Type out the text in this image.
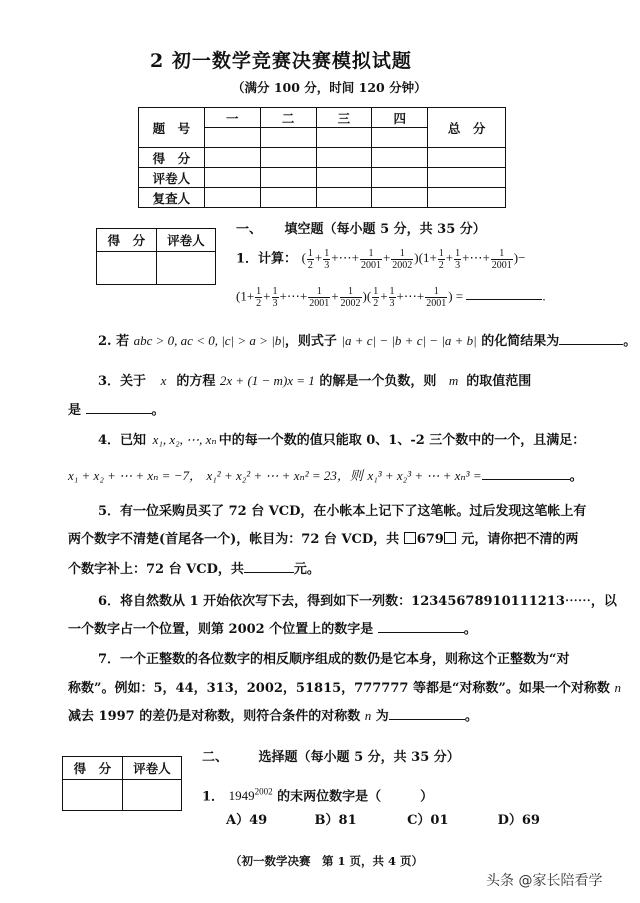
2 初一数学竞赛决赛模拟试题
（满分 100 分，时间 120 分钟）
题　号	一	二	三	四	总　分

得　分					
评卷人					
复查人					
得　分	评卷人

一、 填空题（每小题 5 分，共 35 分）
1．计算： ( $\frac{1}{2} + \frac{1}{3}$ +⋯+ $\frac{1}{2001} + \frac{1}{2002} )(1+ \frac{1}{2} + \frac{1}{3}$ +⋯+ $\frac{1}{2001}$ )−
($1+ \frac{1}{2} + \frac{1}{3}$ +⋯+ $\frac{1}{2001} + \frac{1}{2002}$ )( $\frac{1}{2} + \frac{1}{3}$ +⋯+ $\frac{1}{2001}$ ) =	.
2. 若 abc > 0, ac < 0, |c| > a > |b|，则式子 |a + c| − |b + c| − |a + b| 的化简结果为	。
3．关于 x 的方程 2x + (1 − m)x = 1 的解是一个负数，则 m 的取值范围
是	。
4．已知 x₁, x₂, ⋯, xₙ 中的每一个数的值只能取 0、1、-2 三个数中的一个，且满足：
x₁ + x₂ + ⋯ + xₙ = −7， x₁² + x₂² + ⋯ + xₙ² = 23，则 x₁³ + x₂³ + ⋯ + xₙ³ =	。
5．有一位采购员买了 72 台 VCD，在小帐本上记下了这笔帐。过后发现这笔帐上有
两个数字不清楚(首尾各一个)，帐目为：72 台 VCD，共 679 元，请你把不清的两
个数字补上：72 台 VCD，共	元。
6．将自然数从 1 开始依次写下去，得到如下一列数：12345678910111213⋯⋯，以
一个数字占一个位置，则第 2002 个位置上的数字是	。
7．一个正整数的各位数字的相反顺序组成的数仍是它本身，则称这个正整数为“对
称数”。例如：5，44，313，2002，51815，777777 等都是“对称数”。如果一个对称数 n
减去 1997 的差仍是对称数，则符合条件的对称数 n 为	。
得　分	评卷人

二、 选择题（每小题 5 分，共 35 分）
1． $1949^{2002}$ 的末两位数字是（　　　）
A）49	B）81	C）01	D）69
（初一数学决赛　第 1 页，共 4 页）
头条 @家长陪看学
